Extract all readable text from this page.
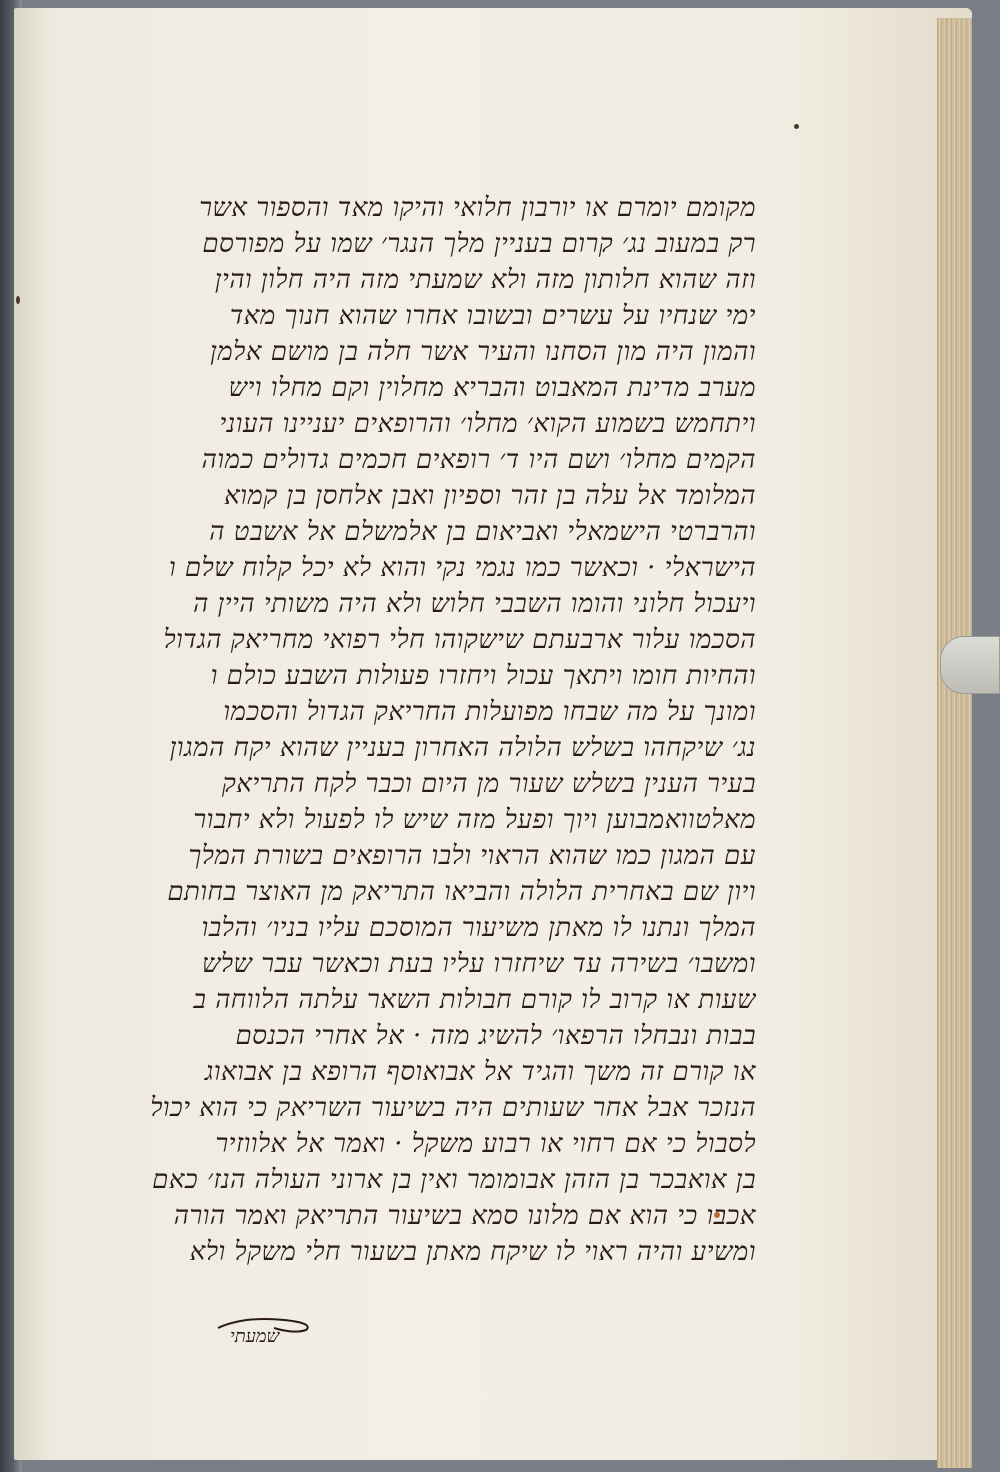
מקומם יומרם או יורבון חלואי והיקו מאד והספור אשר
רק במעוב נג׳ קרום בעניין מלך הנגר׳ שמו על מפורסם
וזה שהוא חלותון מזה ולא שמעתי מזה היה חלון והין
ימי שנחיו על עשרים ובשובו אחרו שהוא חנוך מאד
והמון היה מון הסחנו והעיר אשר חלה בן מושם אלמן
מערב מדינת המאבוט והבריא מחלוין וקם מחלו ויש
ויתחמש בשמוע הקוא׳ מחלו׳ והרופאים יעניינו העוני
הקמים מחלו׳ ושם היו ד׳ רופאים חכמים גדולים כמוה
המלומד אל עלה בן זהר וספיון ואבן אלחסן בן קמוא
והרברטי הישמאלי ואביאום בן אלמשלם אל אשבט ה
הישראלי · וכאשר כמו נגמי נקי והוא לא יכל קלוח שלם ו
ויעכול חלוני והומו השבבי חלוש ולא היה משותי היין ה
הסכמו עלור ארבעתם שישקוהו חלי רפואי מחריאק הגדול
והחיות חומו ויתאך עכול ויחזרו פעולות השבע כולם ו
ומונך על מה שבחו מפועלות החריאק הגדול והסכמו
נג׳ שיקחהו בשלש הלולה האחרון בעניין שהוא יקח המגון
בעיר הענין בשלש שעור מן היום וכבר לקח התריאק
מאלטוואמבוען ויוך ופעל מזה שיש לו לפעול ולא יחבור
עם המגון כמו שהוא הראוי ולבו הרופאים בשורת המלך
ויון שם באחרית הלולה והביאו התריאק מן האוצר בחותם
המלך ונתנו לו מאתן משיעור המוסכם עליו בניו׳ והלבו
ומשבו׳ בשירה עד שיחזרו עליו בעת וכאשר עבר שלש
שעות או קרוב לו קורם חבולות השאר עלתה הלווחה ב
בבות ונבחלו הרפאו׳ להשיג מזה · אל אחרי הכנסם
או קורם זה משך והגיד אל אבואוסף הרופא בן אבואוג
הנזכר אבל אחר שעותים היה בשיעור השריאק כי הוא יכול
לסבול כי אם רחוי או רבוע משקל · ואמר אל אלווזיר
בן אואבכר בן הזהן אבומומר ואין בן ארוני העולה הנז׳ כאם
אכבו כי הוא אם מלונו סמא בשיעור התריאק ואמר הורה
ומשיע והיה ראוי לו שיקח מאתן בשעור חלי משקל ולא
שמעתי
